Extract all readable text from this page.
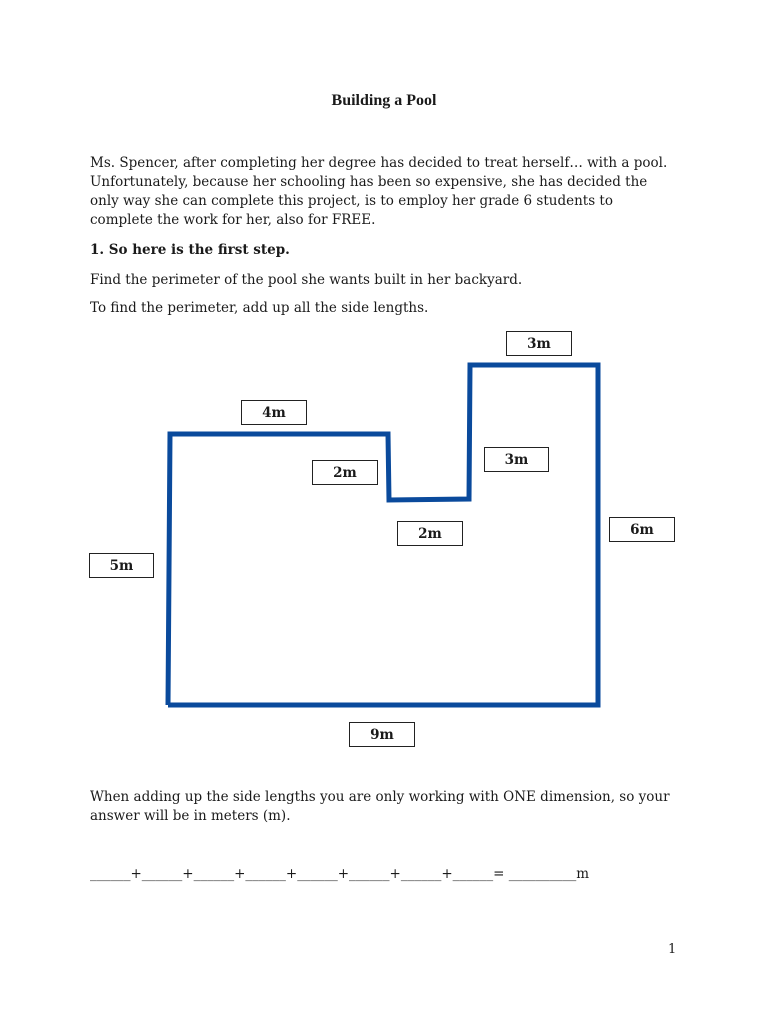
Building a Pool

Ms. Spencer, after completing her degree has decided to treat herself… with a pool. Unfortunately, because her schooling has been so expensive, she has decided the only way she can complete this project, is to employ her grade 6 students to complete the work for her, also for FREE.

1. So here is the first step.

Find the perimeter of the pool she wants built in her backyard.

To find the perimeter, add up all the side lengths.

3m
4m
2m
3m
2m	6m
5m
9m

When adding up the side lengths you are only working with ONE dimension, so your answer will be in meters (m).

______+______+______+______+______+______+______+______= __________m
1
